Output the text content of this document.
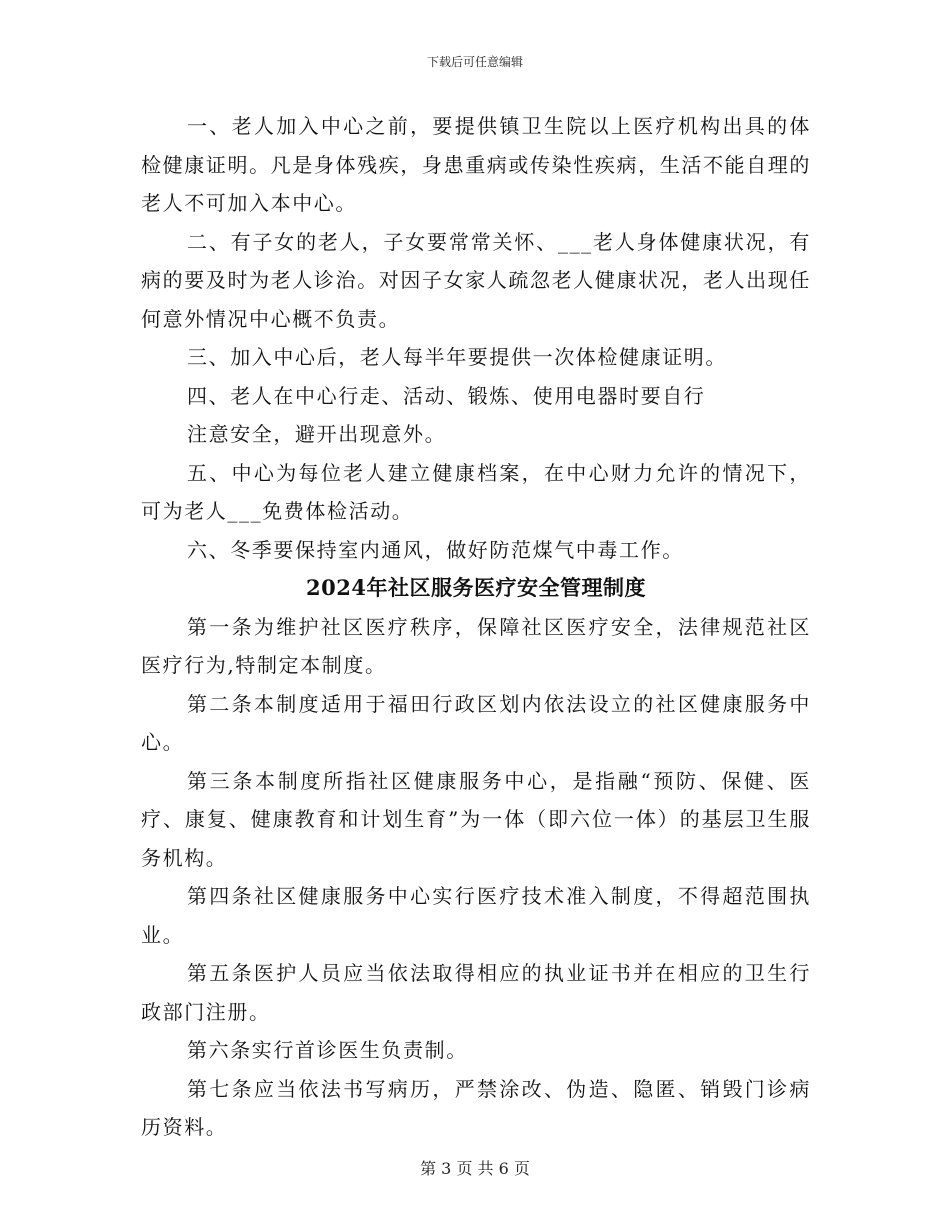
下载后可任意编辑

一、老人加入中心之前，要提供镇卫生院以上医疗机构出具的体检健康证明。凡是身体残疾，身患重病或传染性疾病，生活不能自理的老人不可加入本中心。

二、有子女的老人，子女要常常关怀、___老人身体健康状况，有病的要及时为老人诊治。对因子女家人疏忽老人健康状况，老人出现任何意外情况中心概不负责。

三、加入中心后，老人每半年要提供一次体检健康证明。

四、老人在中心行走、活动、锻炼、使用电器时要自行

注意安全，避开出现意外。

五、中心为每位老人建立健康档案，在中心财力允许的情况下，可为老人___免费体检活动。

六、冬季要保持室内通风，做好防范煤气中毒工作。

2024年社区服务医疗安全管理制度

第一条为维护社区医疗秩序，保障社区医疗安全，法律规范社区医疗行为,特制定本制度。

第二条本制度适用于福田行政区划内依法设立的社区健康服务中心。

第三条本制度所指社区健康服务中心，是指融“预防、保健、医疗、康复、健康教育和计划生育”为一体（即六位一体）的基层卫生服务机构。

第四条社区健康服务中心实行医疗技术准入制度，不得超范围执业。

第五条医护人员应当依法取得相应的执业证书并在相应的卫生行政部门注册。

第六条实行首诊医生负责制。

第七条应当依法书写病历，严禁涂改、伪造、隐匿、销毁门诊病历资料。

第 3 页 共 6 页
